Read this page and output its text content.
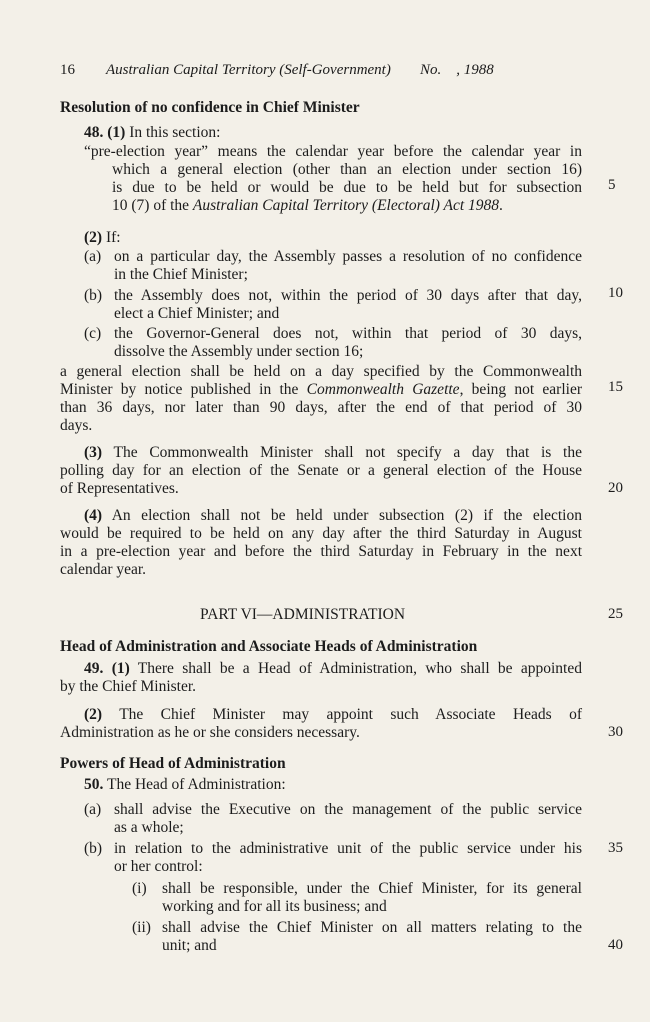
16 Australian Capital Territory (Self-Government) No.    , 1988
Resolution of no confidence in Chief Minister
48. (1) In this section:
“pre-election year” means the calendar year before the calendar year in
which a general election (other than an election under section 16)
is due to be held or would be due to be held but for subsection
10 (7) of the Australian Capital Territory (Electoral) Act 1988.
(2) If:
(a) on a particular day, the Assembly passes a resolution of no confidence
in the Chief Minister;
(b) the Assembly does not, within the period of 30 days after that day,
elect a Chief Minister; and
(c) the Governor-General does not, within that period of 30 days,
dissolve the Assembly under section 16;
a general election shall be held on a day specified by the Commonwealth
Minister by notice published in the Commonwealth Gazette, being not earlier
than 36 days, nor later than 90 days, after the end of that period of 30
days.
(3) The Commonwealth Minister shall not specify a day that is the
polling day for an election of the Senate or a general election of the House
of Representatives.
(4) An election shall not be held under subsection (2) if the election
would be required to be held on any day after the third Saturday in August
in a pre-election year and before the third Saturday in February in the next
calendar year.
PART VI—ADMINISTRATION
Head of Administration and Associate Heads of Administration
49. (1) There shall be a Head of Administration, who shall be appointed
by the Chief Minister.
(2) The Chief Minister may appoint such Associate Heads of
Administration as he or she considers necessary.
Powers of Head of Administration
50. The Head of Administration:
(a) shall advise the Executive on the management of the public service
as a whole;
(b) in relation to the administrative unit of the public service under his
or her control:
(i) shall be responsible, under the Chief Minister, for its general
working and for all its business; and
(ii) shall advise the Chief Minister on all matters relating to the
unit; and
5
10
15
20
25
30
35
40
